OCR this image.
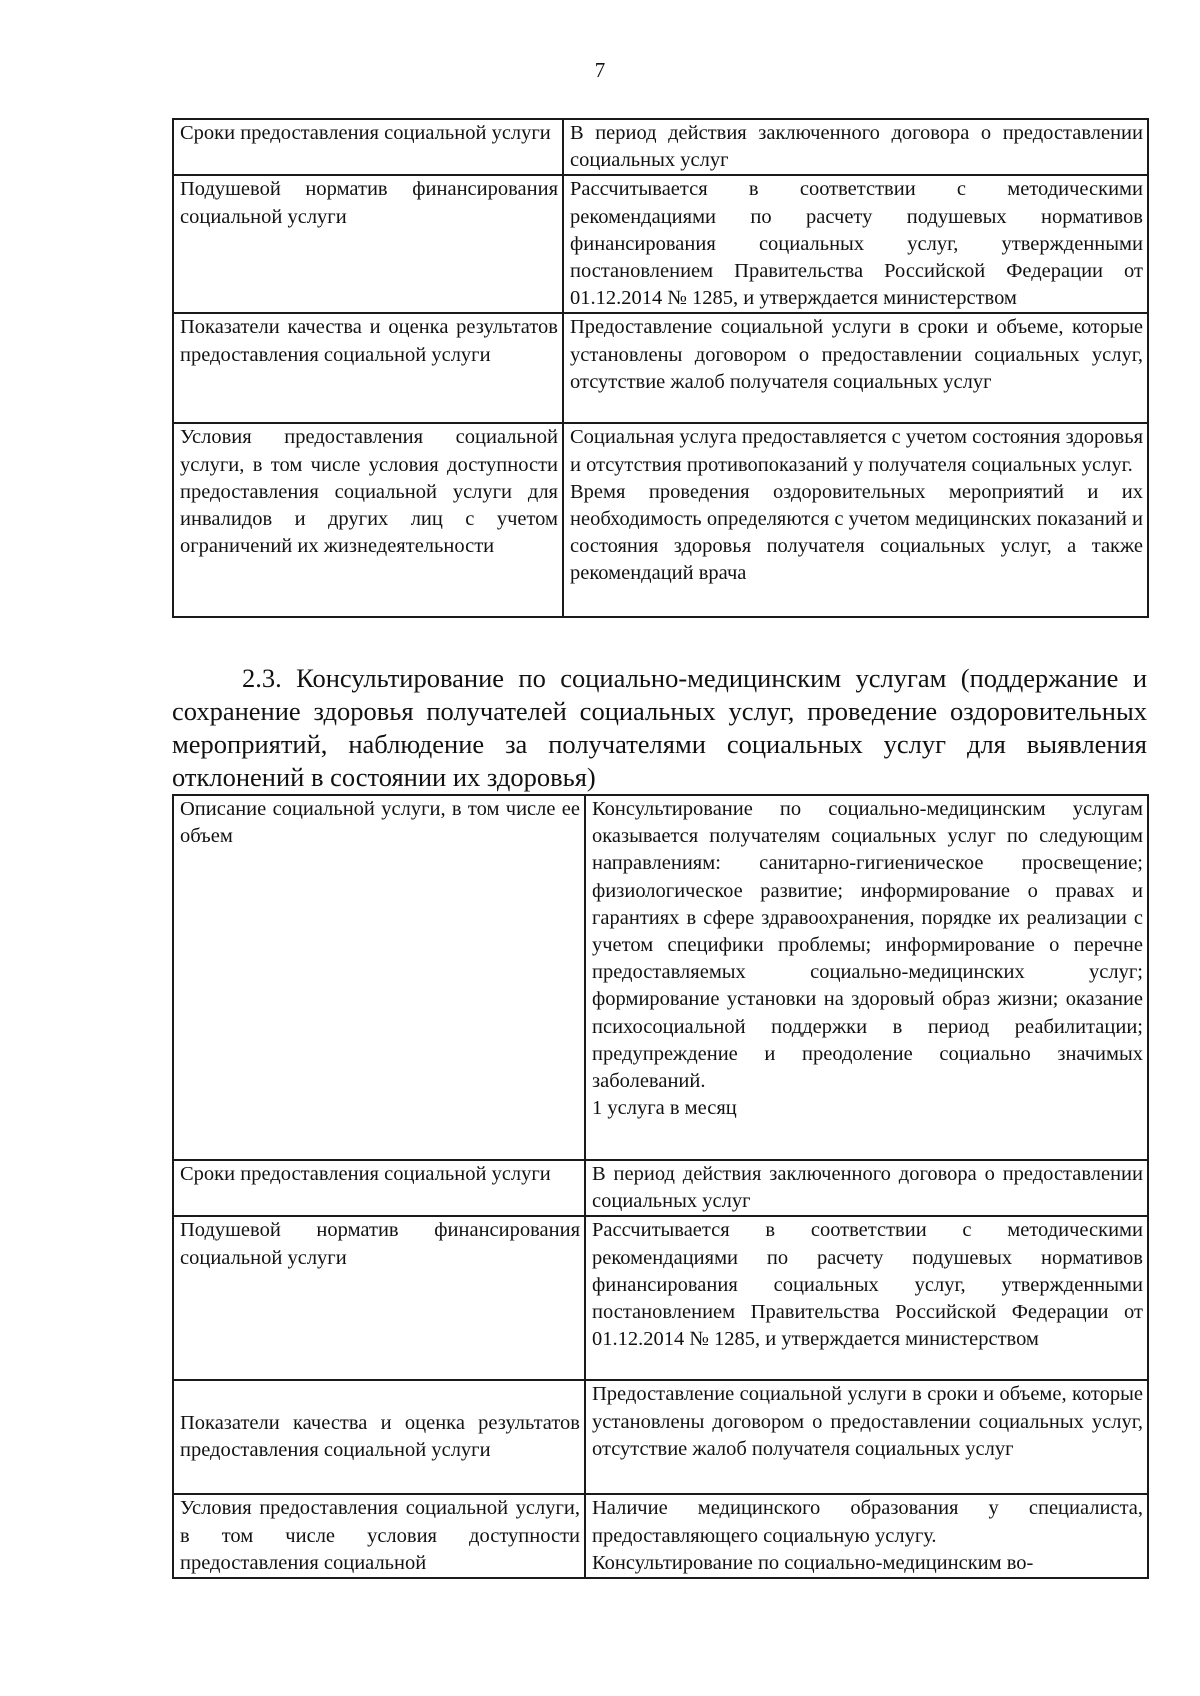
7
Сроки предоставления социальной услуги	В период действия заключенного договора о предоставлении социальных услуг
Подушевой норматив финансирования социальной услуги	Рассчитывается в соответствии с методическими рекомендациями по расчету подушевых нормативов финансирования социальных услуг, утвержденными постановлением Правительства Российской Федерации от 01.12.2014 № 1285, и утверждается министерством
Показатели качества и оценка результатов предоставления социальной услуги	Предоставление социальной услуги в сроки и объеме, которые установлены договором о предоставлении социальных услуг, отсутствие жалоб получателя социальных услуг
Условия предоставления социальной услуги, в том числе условия доступности предоставления социальной услуги для инвалидов и других лиц с учетом ограничений их жизнедеятельности	Социальная услуга предоставляется с учетом состояния здоровья и отсутствия противопоказаний у получателя социальных услуг.
Время проведения оздоровительных мероприятий и их необходимость определяются с учетом медицинских показаний и состояния здоровья получателя социальных услуг, а также рекомендаций врача

2.3. Консультирование по социально-медицинским услугам (поддержание и сохранение здоровья получателей социальных услуг, проведение оздоровительных мероприятий, наблюдение за получателями социальных услуг для выявления отклонений в состоянии их здоровья)

Описание социальной услуги, в том числе ее объем	Консультирование по социально-медицинским услугам оказывается получателям социальных услуг по следующим направлениям: санитарно-гигиеническое просвещение; физиологическое развитие; информирование о правах и гарантиях в сфере здравоохранения, порядке их реализации с учетом специфики проблемы; информирование о перечне предоставляемых социально-медицинских услуг; формирование установки на здоровый образ жизни; оказание психосоциальной поддержки в период реабилитации; предупреждение и преодоление социально значимых заболеваний.
1 услуга в месяц

Сроки предоставления социальной услуги	В период действия заключенного договора о предоставлении социальных услуг
Подушевой норматив финансирования социальной услуги	Рассчитывается в соответствии с методическими рекомендациями по расчету подушевых нормативов финансирования социальных услуг, утвержденными постановлением Правительства Российской Федерации от 01.12.2014 № 1285, и утверждается министерством
Показатели качества и оценка результатов предоставления социальной услуги	Предоставление социальной услуги в сроки и объеме, которые установлены договором о предоставлении социальных услуг, отсутствие жалоб получателя социальных услуг
Условия предоставления социальной услуги, в том числе условия доступности предоставления социальной	Наличие медицинского образования у специалиста, предоставляющего социальную услугу.
Консультирование по социально-медицинским во-
